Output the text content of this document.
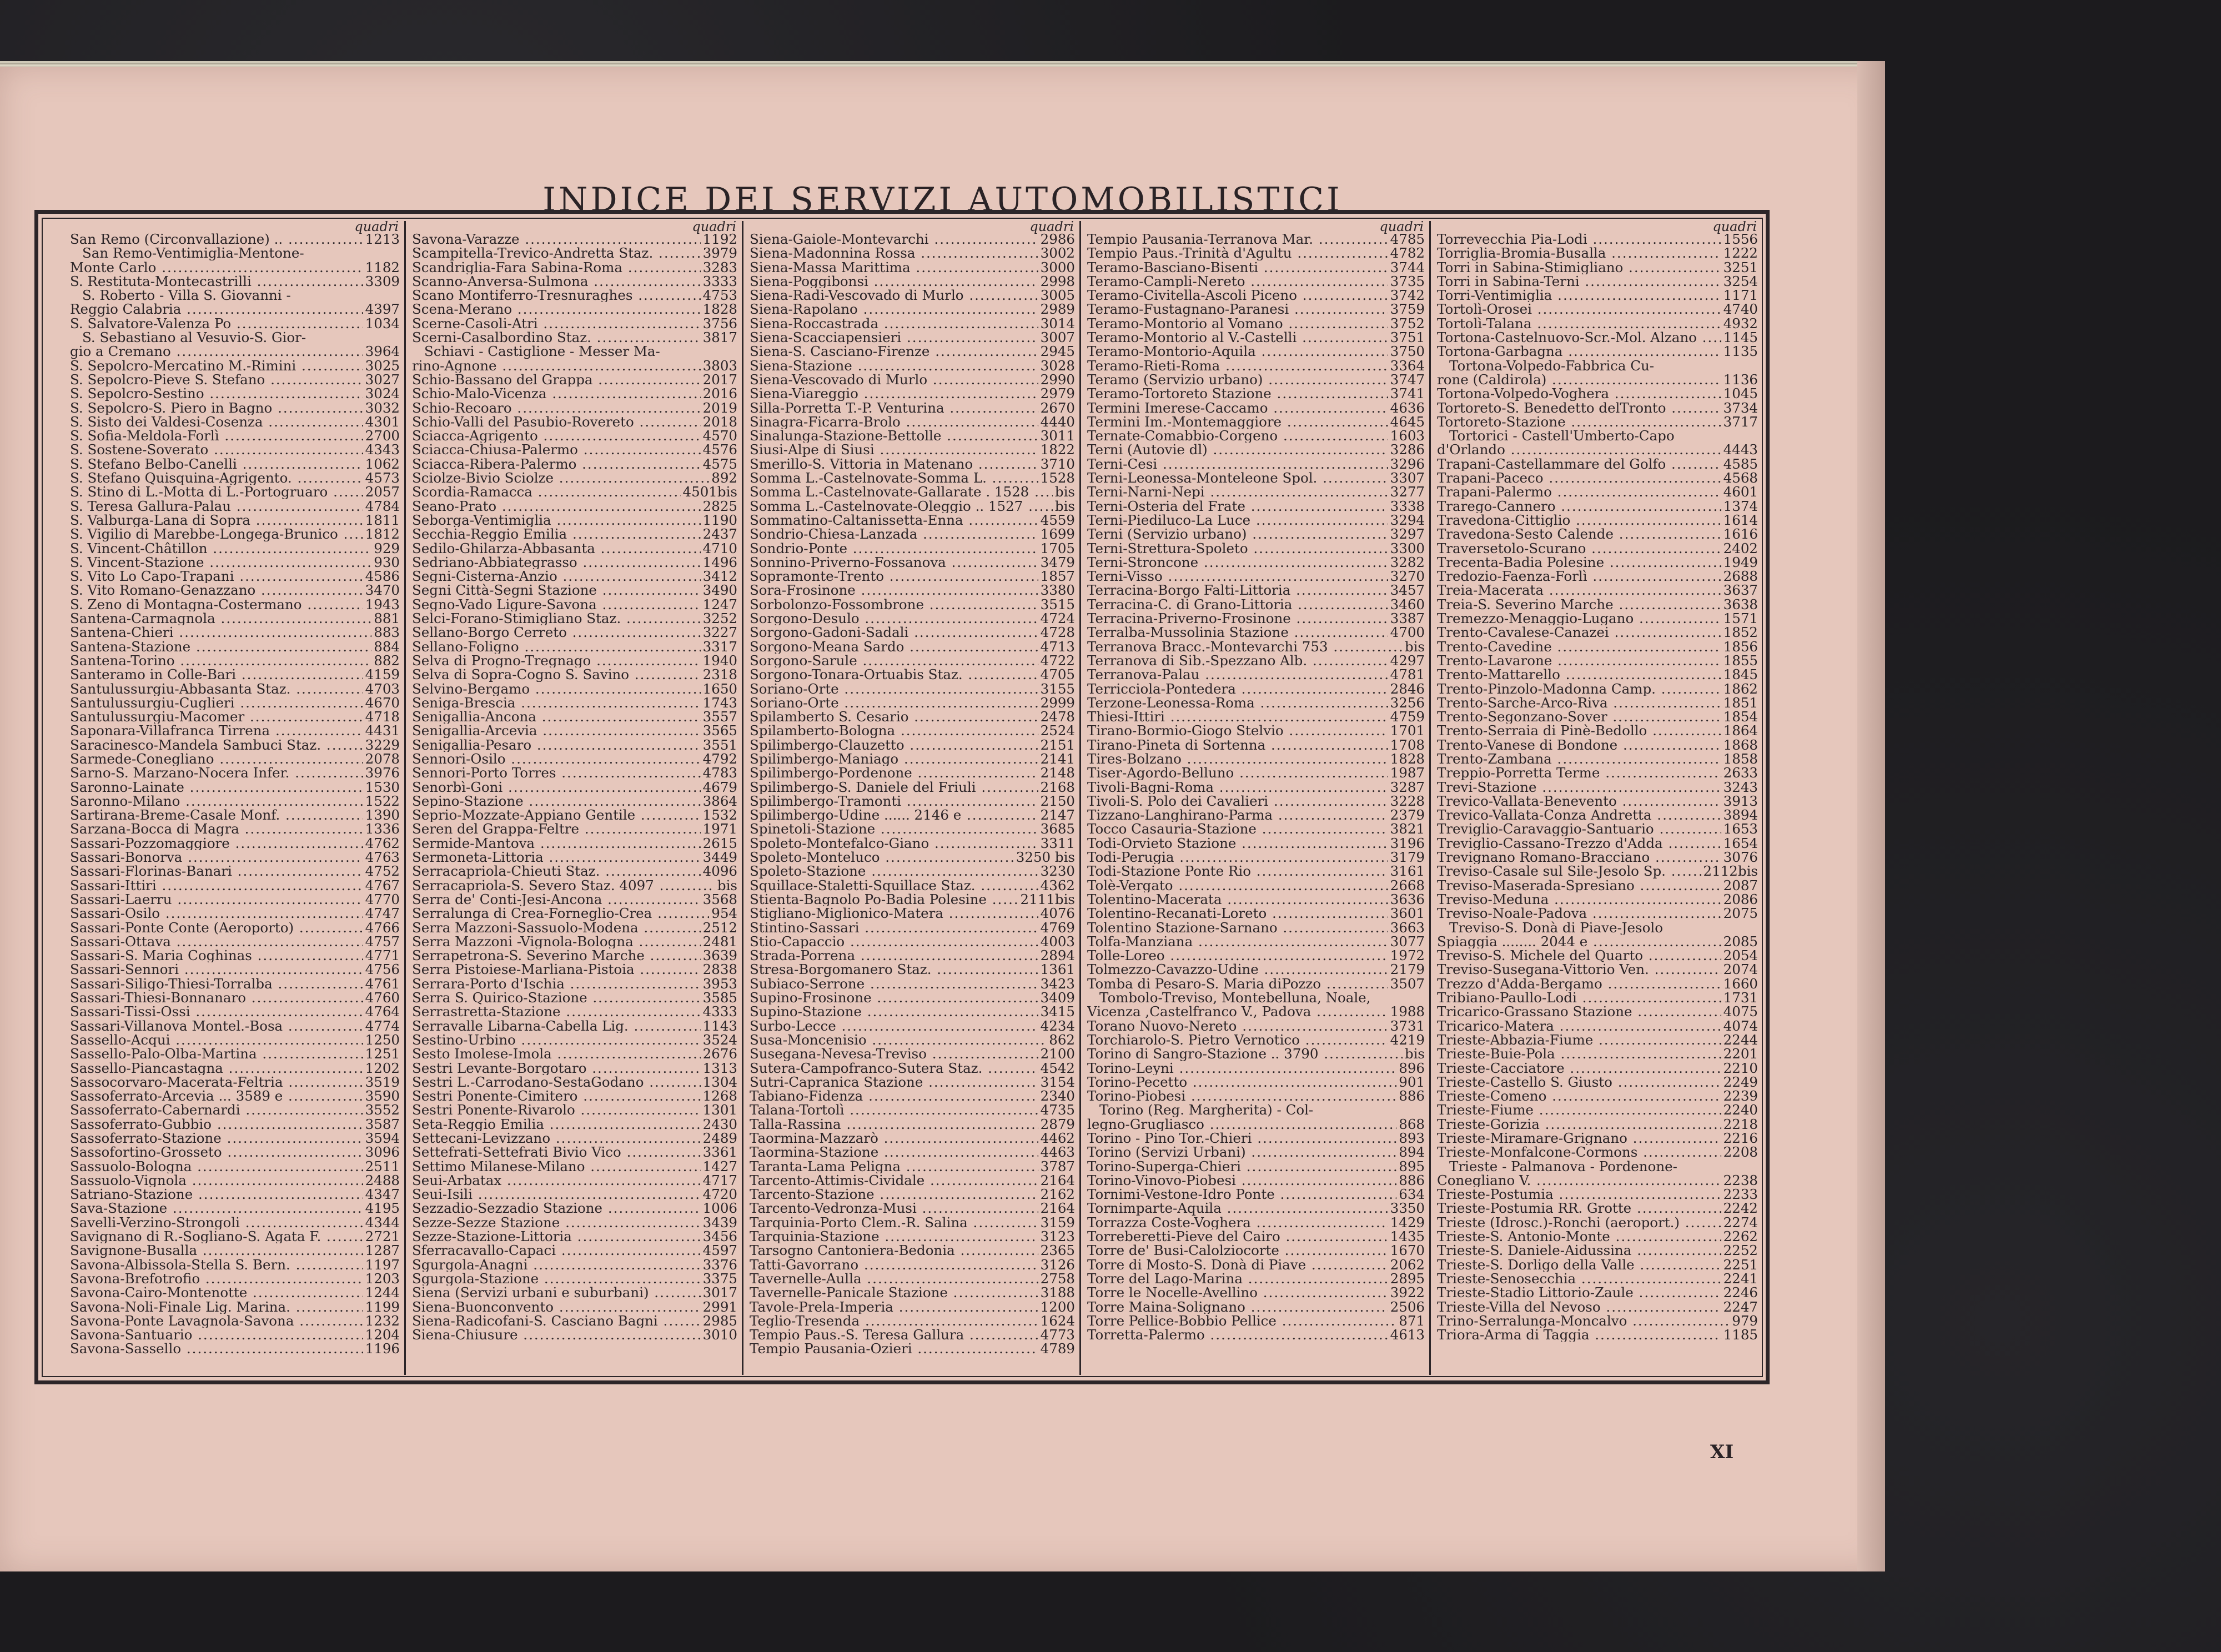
INDICE DEI SERVIZI AUTOMOBILISTICI
quadri
San Remo (Circonvallazione) .. .....	1213
San Remo-Ventimiglia-Mentone-
Monte Carlo .....	1182
S. Restituta-Montecastrilli .....	3309
S. Roberto - Villa S. Giovanni -
Reggio Calabria .....	4397
S. Salvatore-Valenza Po .....	1034
S. Sebastiano al Vesuvio-S. Gior-
gio a Cremano .....	3964
S. Sepolcro-Mercatino M.-Rimini .....	3025
S. Sepolcro-Pieve S. Stefano .....	3027
S. Sepolcro-Sestino .....	3024
S. Sepolcro-S. Piero in Bagno .....	3032
S. Sisto dei Valdesi-Cosenza .....	4301
S. Sofia-Meldola-Forlì .....	2700
S. Sostene-Soverato .....	4343
S. Stefano Belbo-Canelli .....	1062
S. Stefano Quisquina-Agrigento. .....	4573
S. Stino di L.-Motta di L.-Portogruaro .....	2057
S. Teresa Gallura-Palau .....	4784
S. Valburga-Lana di Sopra .....	1811
S. Vigilio di Marebbe-Longega-Brunico .....	1812
S. Vincent-Châtillon .....	929
S. Vincent-Stazione .....	930
S. Vito Lo Capo-Trapani .....	4586
S. Vito Romano-Genazzano .....	3470
S. Zeno di Montagna-Costermano .....	1943
Santena-Carmagnola .....	881
Santena-Chieri .....	883
Santena-Stazione .....	884
Santena-Torino .....	882
Santeramo in Colle-Bari .....	4159
Santulussurgiu-Abbasanta Staz. .....	4703
Santulussurgiu-Cuglieri .....	4670
Santulussurgiu-Macomer .....	4718
Saponara-Villafranca Tirrena .....	4431
Saracinesco-Mandela Sambuci Staz. .....	3229
Sarmede-Conegliano .....	2078
Sarno-S. Marzano-Nocera Infer. .....	3976
Saronno-Lainate .....	1530
Saronno-Milano .....	1522
Sartirana-Breme-Casale Monf. .....	1390
Sarzana-Bocca di Magra .....	1336
Sassari-Pozzomaggiore .....	4762
Sassari-Bonorva .....	4763
Sassari-Florinas-Banari .....	4752
Sassari-Ittiri .....	4767
Sassari-Laerru .....	4770
Sassari-Osilo .....	4747
Sassari-Ponte Conte (Aeroporto) .....	4766
Sassari-Ottava .....	4757
Sassari-S. Maria Coghinas .....	4771
Sassari-Sennori .....	4756
Sassari-Siligo-Thiesi-Torralba .....	4761
Sassari-Thiesi-Bonnanaro .....	4760
Sassari-Tissi-Ossi .....	4764
Sassari-Villanova Montel.-Bosa .....	4774
Sassello-Acqui .....	1250
Sassello-Palo-Olba-Martina .....	1251
Sassello-Piancastagna .....	1202
Sassocorvaro-Macerata-Feltria .....	3519
Sassoferrato-Arcevia ... 3589 e .....	3590
Sassoferrato-Cabernardi .....	3552
Sassoferrato-Gubbio .....	3587
Sassoferrato-Stazione .....	3594
Sassofortino-Grosseto .....	3096
Sassuolo-Bologna .....	2511
Sassuolo-Vignola .....	2488
Satriano-Stazione .....	4347
Sava-Stazione .....	4195
Savelli-Verzino-Strongoli .....	4344
Savignano di R.-Sogliano-S. Agata F. .....	2721
Savignone-Busalla .....	1287
Savona-Albissola-Stella S. Bern. .....	1197
Savona-Brefotrofio .....	1203
Savona-Cairo-Montenotte .....	1244
Savona-Noli-Finale Lig. Marina. .....	1199
Savona-Ponte Lavagnola-Savona .....	1232
Savona-Santuario .....	1204
Savona-Sassello .....	1196
quadri
Savona-Varazze .....	1192
Scampitella-Trevico-Andretta Staz. .....	3979
Scandriglia-Fara Sabina-Roma .....	3283
Scanno-Anversa-Sulmona .....	3333
Scano Montiferro-Tresnuraghes .....	4753
Scena-Merano .....	1828
Scerne-Casoli-Atri .....	3756
Scerni-Casalbordino Staz. .....	3817
Schiavi - Castiglione - Messer Ma-
rino-Agnone .....	3803
Schio-Bassano del Grappa .....	2017
Schio-Malo-Vicenza .....	2016
Schio-Recoaro .....	2019
Schio-Valli del Pasubio-Rovereto .....	2018
Sciacca-Agrigento .....	4570
Sciacca-Chiusa-Palermo .....	4576
Sciacca-Ribera-Palermo .....	4575
Sciolze-Bivio Sciolze .....	892
Scordia-Ramacca .....	4501bis
Seano-Prato .....	2825
Seborga-Ventimiglia .....	1190
Secchia-Reggio Emilia .....	2437
Sedilo-Ghilarza-Abbasanta .....	4710
Sedriano-Abbiategrasso .....	1496
Segni-Cisterna-Anzio .....	3412
Segni Città-Segni Stazione .....	3490
Segno-Vado Ligure-Savona .....	1247
Selci-Forano-Stimigliano Staz. .....	3252
Sellano-Borgo Cerreto .....	3227
Sellano-Foligno .....	3317
Selva di Progno-Tregnago .....	1940
Selva di Sopra-Cogno S. Savino .....	2318
Selvino-Bergamo .....	1650
Seniga-Brescia .....	1743
Senigallia-Ancona .....	3557
Senigallia-Arcevia .....	3565
Senigallia-Pesaro .....	3551
Sennori-Osilo .....	4792
Sennori-Porto Torres .....	4783
Senorbì-Goni .....	4679
Sepino-Stazione .....	3864
Seprio-Mozzate-Appiano Gentile .....	1532
Seren del Grappa-Feltre .....	1971
Sermide-Mantova .....	2615
Sermoneta-Littoria .....	3449
Serracapriola-Chieuti Staz. .....	4096
Serracapriola-S. Severo Staz. 4097 .....	bis
Serra de' Conti-Jesi-Ancona .....	3568
Serralunga di Crea-Forneglio-Crea .....	954
Serra Mazzoni-Sassuolo-Modena .....	2512
Serra Mazzoni -Vignola-Bologna .....	2481
Serrapetrona-S. Severino Marche .....	3639
Serra Pistoiese-Marliana-Pistoia .....	2838
Serrara-Porto d'Ischia .....	3953
Serra S. Quirico-Stazione .....	3585
Serrastretta-Stazione .....	4333
Serravalle Libarna-Cabella Lig. .....	1143
Sestino-Urbino .....	3524
Sesto Imolese-Imola .....	2676
Sestri Levante-Borgotaro .....	1313
Sestri L.-Carrodano-SestaGodano .....	1304
Sestri Ponente-Cimitero .....	1268
Sestri Ponente-Rivarolo .....	1301
Seta-Reggio Emilia .....	2430
Settecani-Levizzano .....	2489
Settefrati-Settefrati Bivio Vico .....	3361
Settimo Milanese-Milano .....	1427
Seui-Arbatax .....	4717
Seui-Isili .....	4720
Sezzadio-Sezzadio Stazione .....	1006
Sezze-Sezze Stazione .....	3439
Sezze-Stazione-Littoria .....	3456
Sferracavallo-Capaci .....	4597
Sgurgola-Anagni .....	3376
Sgurgola-Stazione .....	3375
Siena (Servizi urbani e suburbani) .....	3017
Siena-Buonconvento .....	2991
Siena-Radicofani-S. Casciano Bagni .....	2985
Siena-Chiusure .....	3010
quadri
Siena-Gaiole-Montevarchi .....	2986
Siena-Madonnina Rossa .....	3002
Siena-Massa Marittima .....	3000
Siena-Poggibonsi .....	2998
Siena-Radi-Vescovado di Murlo .....	3005
Siena-Rapolano .....	2989
Siena-Roccastrada .....	3014
Siena-Scacciapensieri .....	3007
Siena-S. Casciano-Firenze .....	2945
Siena-Stazione .....	3028
Siena-Vescovado di Murlo .....	2990
Siena-Viareggio .....	2979
Silla-Porretta T.-P. Venturina .....	2670
Sinagra-Ficarra-Brolo .....	4440
Sinalunga-Stazione-Bettolle .....	3011
Siusi-Alpe di Siusi .....	1822
Smerillo-S. Vittoria in Matenano .....	3710
Somma L.-Castelnovate-Somma L. .....	1528
Somma L.-Castelnovate-Gallarate . 1528 .....	bis
Somma L.-Castelnovate-Oleggio .. 1527 .....	bis
Sommatino-Caltanissetta-Enna .....	4559
Sondrio-Chiesa-Lanzada .....	1699
Sondrio-Ponte .....	1705
Sonnino-Priverno-Fossanova .....	3479
Sopramonte-Trento .....	1857
Sora-Frosinone .....	3380
Sorbolonzo-Fossombrone .....	3515
Sorgono-Desulo .....	4724
Sorgono-Gadoni-Sadali .....	4728
Sorgono-Meana Sardo .....	4713
Sorgono-Sarule .....	4722
Sorgono-Tonara-Ortuabis Staz. .....	4705
Soriano-Orte .....	3155
Soriano-Orte .....	2999
Spilamberto S. Cesario .....	2478
Spilamberto-Bologna .....	2524
Spilimbergo-Clauzetto .....	2151
Spilimbergo-Maniago .....	2141
Spilimbergo-Pordenone .....	2148
Spilimbergo-S. Daniele del Friuli .....	2168
Spilimbergo-Tramonti .....	2150
Spilimbergo-Udine ...... 2146 e .....	2147
Spinetoli-Stazione .....	3685
Spoleto-Montefalco-Giano .....	3311
Spoleto-Monteluco .....	3250 bis
Spoleto-Stazione .....	3230
Squillace-Staletti-Squillace Staz. .....	4362
Stienta-Bagnolo Po-Badia Polesine .....	2111bis
Stigliano-Miglionico-Matera .....	4076
Stintino-Sassari .....	4769
Stio-Capaccio .....	4003
Strada-Porrena .....	2894
Stresa-Borgomanero Staz. .....	1361
Subiaco-Serrone .....	3423
Supino-Frosinone .....	3409
Supino-Stazione .....	3415
Surbo-Lecce .....	4234
Susa-Moncenisio .....	862
Susegana-Nevesa-Treviso .....	2100
Sutera-Campofranco-Sutera Staz. .....	4542
Sutri-Capranica Stazione .....	3154
Tabiano-Fidenza .....	2340
Talana-Tortolì .....	4735
Talla-Rassina .....	2879
Taormina-Mazzarò .....	4462
Taormina-Stazione .....	4463
Taranta-Lama Peligna .....	3787
Tarcento-Attimis-Cividale .....	2164
Tarcento-Stazione .....	2162
Tarcento-Vedronza-Musi .....	2164
Tarquinia-Porto Clem.-R. Salina .....	3159
Tarquinia-Stazione .....	3123
Tarsogno Cantoniera-Bedonia .....	2365
Tatti-Gavorrano .....	3126
Tavernelle-Aulla .....	2758
Tavernelle-Panicale Stazione .....	3188
Tavole-Prela-Imperia .....	1200
Teglio-Tresenda .....	1624
Tempio Paus.-S. Teresa Gallura .....	4773
Tempio Pausania-Ozieri .....	4789
quadri
Tempio Pausania-Terranova Mar. .....	4785
Tempio Paus.-Trinità d'Agultu .....	4782
Teramo-Basciano-Bisenti .....	3744
Teramo-Campli-Nereto .....	3735
Teramo-Civitella-Ascoli Piceno .....	3742
Teramo-Fustagnano-Paranesi .....	3759
Teramo-Montorio al Vomano .....	3752
Teramo-Montorio al V.-Castelli .....	3751
Teramo-Montorio-Aquila .....	3750
Teramo-Rieti-Roma .....	3364
Teramo (Servizio urbano) .....	3747
Teramo-Tortoreto Stazione .....	3741
Termini Imerese-Caccamo .....	4636
Termini Im.-Montemaggiore .....	4645
Ternate-Comabbio-Corgeno .....	1603
Terni (Autovie dl) .....	3286
Terni-Cesi .....	3296
Terni-Leonessa-Monteleone Spol. .....	3307
Terni-Narni-Nepi .....	3277
Terni-Osteria del Frate .....	3338
Terni-Piediluco-La Luce .....	3294
Terni (Servizio urbano) .....	3297
Terni-Strettura-Spoleto .....	3300
Terni-Stroncone .....	3282
Terni-Visso .....	3270
Terracina-Borgo Falti-Littoria .....	3457
Terracina-C. di Grano-Littoria .....	3460
Terracina-Priverno-Frosinone .....	3387
Terralba-Mussolinia Stazione .....	4700
Terranova Bracc.-Montevarchi 753 .....	bis
Terranova di Sib.-Spezzano Alb. .....	4297
Terranova-Palau .....	4781
Terricciola-Pontedera .....	2846
Terzone-Leonessa-Roma .....	3256
Thiesi-Ittiri .....	4759
Tirano-Bormio-Giogo Stelvio .....	1701
Tirano-Pineta di Sortenna .....	1708
Tires-Bolzano .....	1828
Tiser-Agordo-Belluno .....	1987
Tivoli-Bagni-Roma .....	3287
Tivoli-S. Polo dei Cavalieri .....	3228
Tizzano-Langhirano-Parma .....	2379
Tocco Casauria-Stazione .....	3821
Todi-Orvieto Stazione .....	3196
Todi-Perugia .....	3179
Todi-Stazione Ponte Rio .....	3161
Tolè-Vergato .....	2668
Tolentino-Macerata .....	3636
Tolentino-Recanati-Loreto .....	3601
Tolentino Stazione-Sarnano .....	3663
Tolfa-Manziana .....	3077
Tolle-Loreo .....	1972
Tolmezzo-Cavazzo-Udine .....	2179
Tomba di Pesaro-S. Maria diPozzo .....	3507
Tombolo-Treviso, Montebelluna, Noale,
Vicenza ,Castelfranco V., Padova .....	1988
Torano Nuovo-Nereto .....	3731
Torchiarolo-S. Pietro Vernotico .....	4219
Torino di Sangro-Stazione .. 3790 .....	bis
Torino-Leyni .....	896
Torino-Pecetto .....	901
Torino-Piobesi .....	886
Torino (Reg. Margherita) - Col-
legno-Grugliasco .....	868
Torino - Pino Tor.-Chieri .....	893
Torino (Servizi Urbani) .....	894
Torino-Superga-Chieri .....	895
Torino-Vinovo-Piobesi .....	886
Tornimi-Vestone-Idro Ponte .....	634
Tornimparte-Aquila .....	3350
Torrazza Coste-Voghera .....	1429
Torreberetti-Pieve del Cairo .....	1435
Torre de' Busi-Calolziocorte .....	1670
Torre di Mosto-S. Donà di Piave .....	2062
Torre del Lago-Marina .....	2895
Torre le Nocelle-Avellino .....	3922
Torre Maina-Solignano .....	2506
Torre Pellice-Bobbio Pellice .....	871
Torretta-Palermo .....	4613
quadri
Torrevecchia Pia-Lodi .....	1556
Torriglia-Bromia-Busalla .....	1222
Torri in Sabina-Stimigliano .....	3251
Torri in Sabina-Terni .....	3254
Torri-Ventimiglia .....	1171
Tortolì-Orosei .....	4740
Tortolì-Talana .....	4932
Tortona-Castelnuovo-Scr.-Mol. Alzano .....	1145
Tortona-Garbagna .....	1135
Tortona-Volpedo-Fabbrica Cu-
rone (Caldirola) .....	1136
Tortona-Volpedo-Voghera .....	1045
Tortoreto-S. Benedetto delTronto .....	3734
Tortoreto-Stazione .....	3717
Tortorici - Castell'Umberto-Capo
d'Orlando .....	4443
Trapani-Castellammare del Golfo .....	4585
Trapani-Paceco .....	4568
Trapani-Palermo .....	4601
Trarego-Cannero .....	1374
Travedona-Cittiglio .....	1614
Travedona-Sesto Calende .....	1616
Traversetolo-Scurano .....	2402
Trecenta-Badia Polesine .....	1949
Tredozio-Faenza-Forlì .....	2688
Treia-Macerata .....	3637
Treia-S. Severino Marche .....	3638
Tremezzo-Menaggio-Lugano .....	1571
Trento-Cavalese-Canazei .....	1852
Trento-Cavedine .....	1856
Trento-Lavarone .....	1855
Trento-Mattarello .....	1845
Trento-Pinzolo-Madonna Camp. .....	1862
Trento-Sarche-Arco-Riva .....	1851
Trento-Segonzano-Sover .....	1854
Trento-Serraia di Pinè-Bedollo .....	1864
Trento-Vanese di Bondone .....	1868
Trento-Zambana .....	1858
Treppio-Porretta Terme .....	2633
Trevi-Stazione .....	3243
Trevico-Vallata-Benevento .....	3913
Trevico-Vallata-Conza Andretta .....	3894
Treviglio-Caravaggio-Santuario .....	1653
Treviglio-Cassano-Trezzo d'Adda .....	1654
Trevignano Romano-Bracciano .....	3076
Treviso-Casale sul Sile-Jesolo Sp. .....	2112bis
Treviso-Maserada-Spresiano .....	2087
Treviso-Meduna .....	2086
Treviso-Noale-Padova .....	2075
Treviso-S. Donà di Piave-Jesolo
Spiaggia ........ 2044 e .....	2085
Treviso-S. Michele del Quarto .....	2054
Treviso-Susegana-Vittorio Ven. .....	2074
Trezzo d'Adda-Bergamo .....	1660
Tribiano-Paullo-Lodi .....	1731
Tricarico-Grassano Stazione .....	4075
Tricarico-Matera .....	4074
Trieste-Abbazia-Fiume .....	2244
Trieste-Buie-Pola .....	2201
Trieste-Cacciatore .....	2210
Trieste-Castello S. Giusto .....	2249
Trieste-Comeno .....	2239
Trieste-Fiume .....	2240
Trieste-Gorizia .....	2218
Trieste-Miramare-Grignano .....	2216
Trieste-Monfalcone-Cormons .....	2208
Trieste - Palmanova - Pordenone-
Conegliano V. .....	2238
Trieste-Postumia .....	2233
Trieste-Postumia RR. Grotte .....	2242
Trieste (Idrosc.)-Ronchi (aeroport.) .....	2274
Trieste-S. Antonio-Monte .....	2262
Trieste-S. Daniele-Aidussina .....	2252
Trieste-S. Dorligo della Valle .....	2251
Trieste-Senosecchia .....	2241
Trieste-Stadio Littorio-Zaule .....	2246
Trieste-Villa del Nevoso .....	2247
Trino-Serralunga-Moncalvo .....	979
Triora-Arma di Taggia .....	1185
XI
